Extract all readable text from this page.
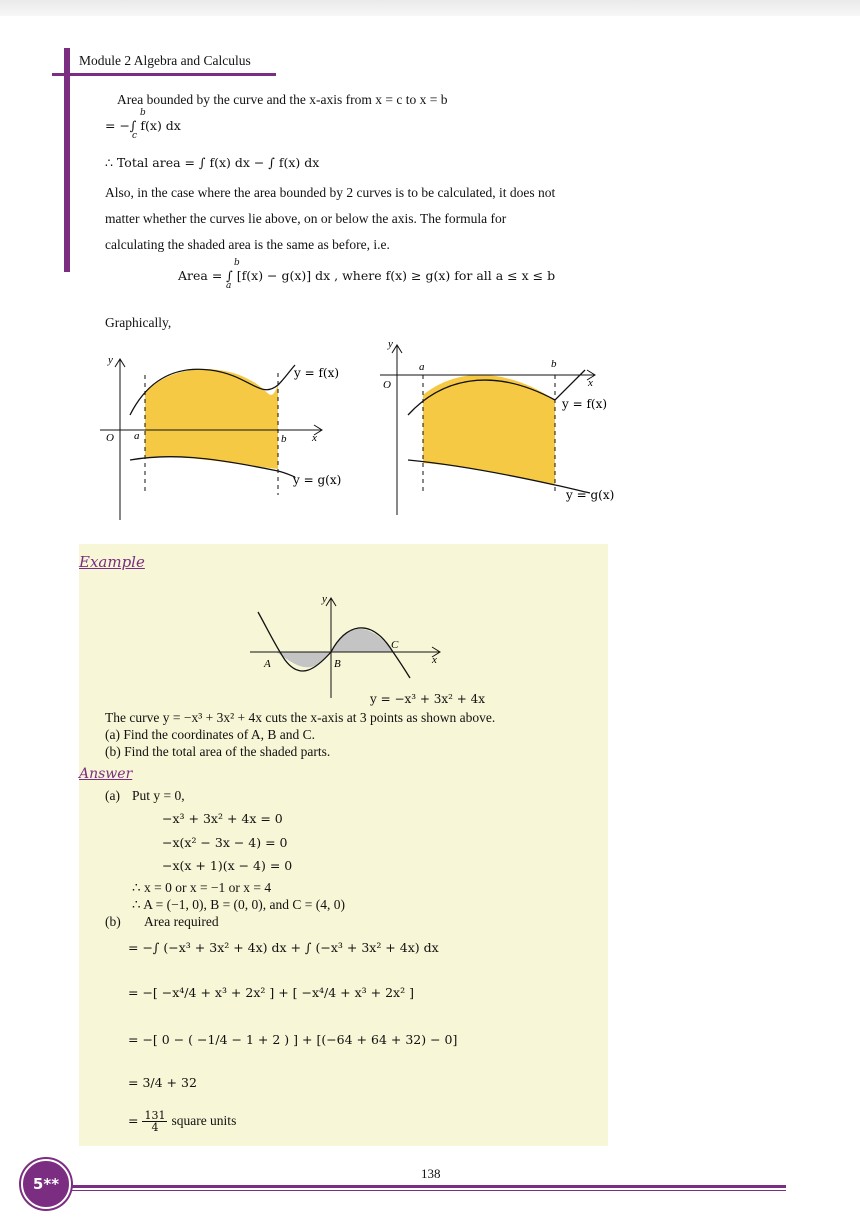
Module 2 Algebra and Calculus
Area bounded by the curve and the x-axis from x = c to x = b
= −∫ f(x) dx
b
c
∴ Total area = ∫ f(x) dx − ∫ f(x) dx
Also, in the case where the area bounded by 2 curves is to be calculated, it does not
matter whether the curves lie above, on or below the axis. The formula for
calculating the shaded area is the same as before, i.e.
Area = ∫ [f(x) − g(x)] dx , where f(x) ≥ g(x) for all a ≤ x ≤ b
b
a
Graphically,
y
x
O a	b
y = f(x)
y = g(x)
y
x
O
a	b
y = f(x)
y = g(x)
Example
y
x
A	B
C
y = −x³ + 3x² + 4x
The curve y = −x³ + 3x² + 4x cuts the x-axis at 3 points as shown above.
(a) Find the coordinates of A, B and C.
(b) Find the total area of the shaded parts.
Answer
(a) Put y = 0,
−x³ + 3x² + 4x = 0
−x(x² − 3x − 4) = 0
−x(x + 1)(x − 4) = 0
∴ x = 0 or x = −1 or x = 4
∴ A = (−1, 0), B = (0, 0), and C = (4, 0)
(b) Area required
= −∫ (−x³ + 3x² + 4x) dx + ∫ (−x³ + 3x² + 4x) dx
= −[ −x⁴/4 + x³ + 2x² ] + [ −x⁴/4 + x³ + 2x² ]
= −[ 0 − ( −1/4 − 1 + 2 ) ] + [(−64 + 64 + 32) − 0]
= 3/4 + 32
= $\frac{131}{4}$ square units
5**
138
